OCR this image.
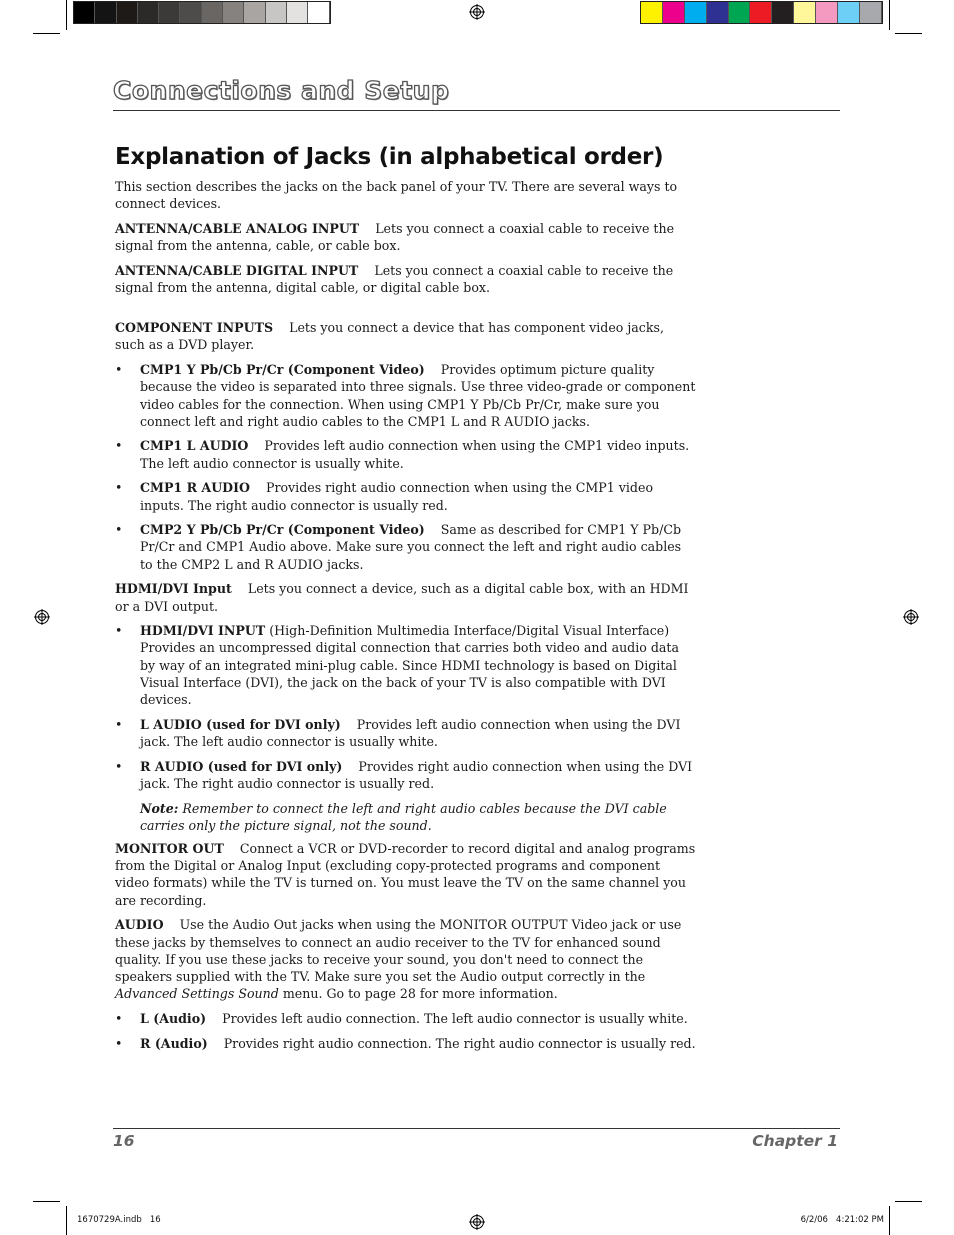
Connections and Setup
Explanation of Jacks (in alphabetical order)

This section describes the jacks on the back panel of your TV. There are several ways to connect devices.

ANTENNA/CABLE ANALOG INPUT Lets you connect a coaxial cable to receive the signal from the antenna, cable, or cable box.

ANTENNA/CABLE DIGITAL INPUT Lets you connect a coaxial cable to receive the signal from the antenna, digital cable, or digital cable box.

COMPONENT INPUTS Lets you connect a device that has component video jacks, such as a DVD player.

• CMP1 Y Pb/Cb Pr/Cr (Component Video) Provides optimum picture quality because the video is separated into three signals. Use three video-grade or component video cables for the connection. When using CMP1 Y Pb/Cb Pr/Cr, make sure you connect left and right audio cables to the CMP1 L and R AUDIO jacks.
• CMP1 L AUDIO Provides left audio connection when using the CMP1 video inputs. The left audio connector is usually white.
• CMP1 R AUDIO Provides right audio connection when using the CMP1 video inputs. The right audio connector is usually red.
• CMP2 Y Pb/Cb Pr/Cr (Component Video) Same as described for CMP1 Y Pb/Cb Pr/Cr and CMP1 Audio above. Make sure you connect the left and right audio cables to the CMP2 L and R AUDIO jacks.

HDMI/DVI Input Lets you connect a device, such as a digital cable box, with an HDMI or a DVI output.

• HDMI/DVI INPUT (High-Definition Multimedia Interface/Digital Visual Interface)    Provides an uncompressed digital connection that carries both video and audio data by way of an integrated mini-plug cable. Since HDMI technology is based on Digital Visual Interface (DVI), the jack on the back of your TV is also compatible with DVI devices.
• L AUDIO (used for DVI only) Provides left audio connection when using the DVI jack. The left audio connector is usually white.
• R AUDIO (used for DVI only) Provides right audio connection when using the DVI jack. The right audio connector is usually red.

Note: Remember to connect the left and right audio cables because the DVI cable carries only the picture signal, not the sound.

MONITOR OUT Connect a VCR or DVD-recorder to record digital and analog programs from the Digital or Analog Input (excluding copy-protected programs and component video formats) while the TV is turned on. You must leave the TV on the same channel you are recording.

AUDIO Use the Audio Out jacks when using the MONITOR OUTPUT Video jack or use these jacks by themselves to connect an audio receiver to the TV for enhanced sound quality. If you use these jacks to receive your sound, you don't need to connect the speakers supplied with the TV. Make sure you set the Audio output correctly in the Advanced Settings Sound menu. Go to page 28 for more information.

• L (Audio) Provides left audio connection. The left audio connector is usually white.
• R (Audio) Provides right audio connection. The right audio connector is usually red.
16	Chapter 1
1670729A.indb   16	6/2/06   4:21:02 PM
